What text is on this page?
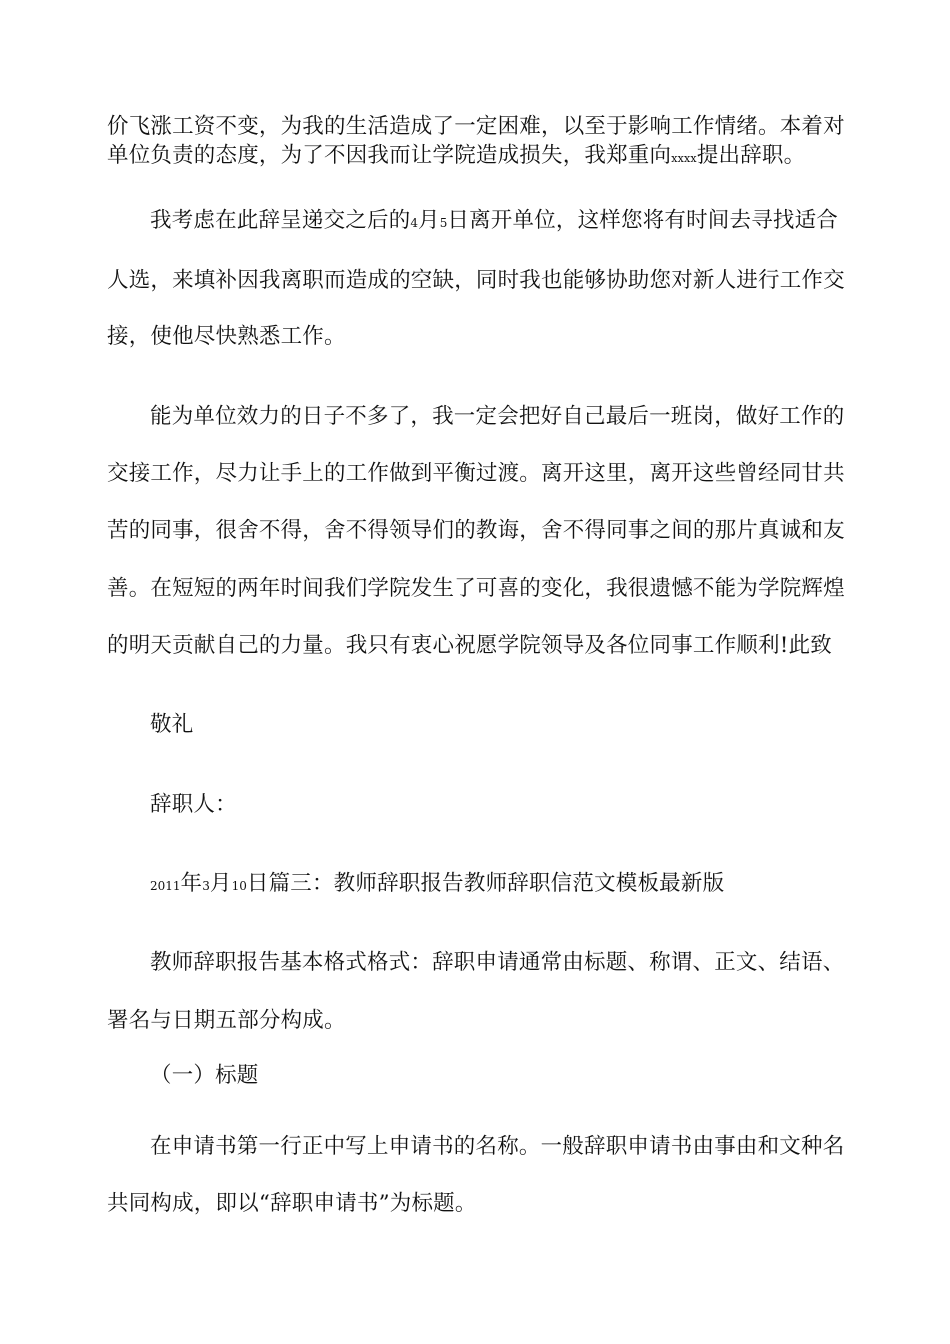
价飞涨工资不变，为我的生活造成了一定困难，以至于影响工作情绪。本着对
单位负责的态度，为了不因我而让学院造成损失，我郑重向xxxx提出辞职。
我考虑在此辞呈递交之后的4月5日离开单位，这样您将有时间去寻找适合
人选，来填补因我离职而造成的空缺，同时我也能够协助您对新人进行工作交
接，使他尽快熟悉工作。
能为单位效力的日子不多了，我一定会把好自己最后一班岗，做好工作的
交接工作，尽力让手上的工作做到平衡过渡。离开这里，离开这些曾经同甘共
苦的同事，很舍不得，舍不得领导们的教诲，舍不得同事之间的那片真诚和友
善。在短短的两年时间我们学院发生了可喜的变化，我很遗憾不能为学院辉煌
的明天贡献自己的力量。我只有衷心祝愿学院领导及各位同事工作顺利!此致
敬礼
辞职人：
2011年3月10日篇三：教师辞职报告教师辞职信范文模板最新版
教师辞职报告基本格式格式：辞职申请通常由标题、称谓、正文、结语、
署名与日期五部分构成。
（一）标题
在申请书第一行正中写上申请书的名称。一般辞职申请书由事由和文种名
共同构成，即以“辞职申请书”为标题。
